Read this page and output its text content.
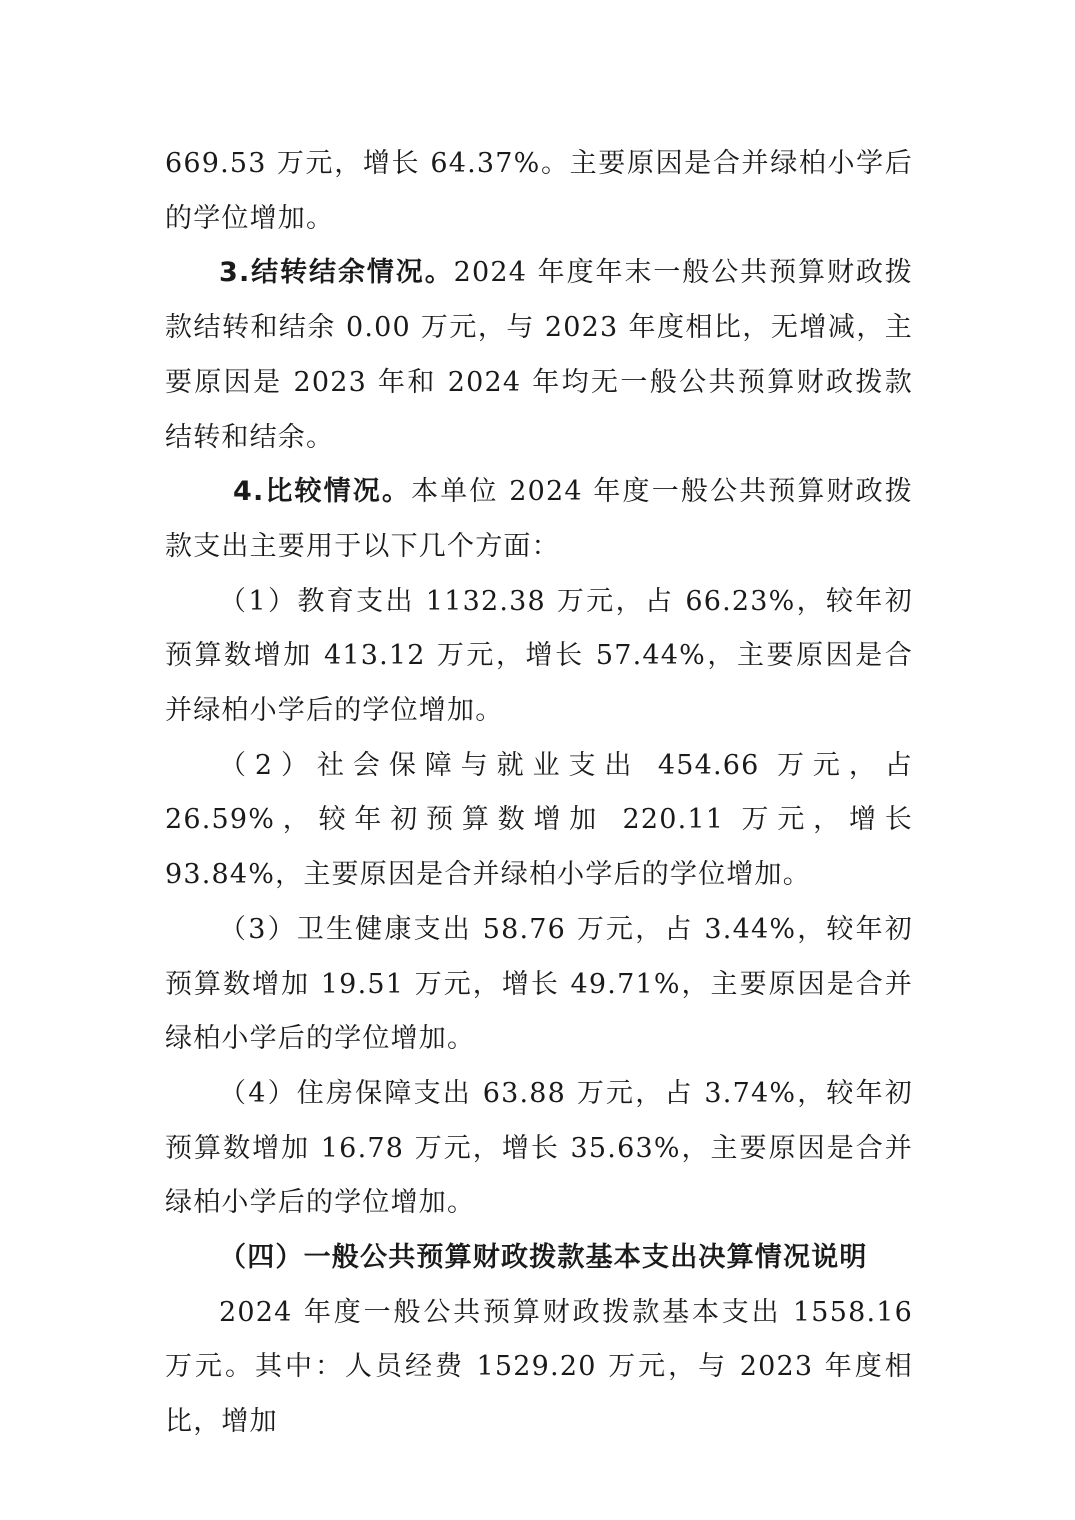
669.53 万元，增长 64.37%。主要原因是合并绿柏小学后的学位增加。

3.结转结余情况。2024 年度年末一般公共预算财政拨款结转和结余 0.00 万元，与 2023 年度相比，无增减，主要原因是 2023 年和 2024 年均无一般公共预算财政拨款结转和结余。

4.比较情况。本单位 2024 年度一般公共预算财政拨款支出主要用于以下几个方面：

（1）教育支出 1132.38 万元，占 66.23%，较年初预算数增加 413.12 万元，增长 57.44%，主要原因是合并绿柏小学后的学位增加。

（2）社会保障与就业支出 454.66 万元，占 26.59%，较年初预算数增加 220.11 万元，增长 93.84%，主要原因是合并绿柏小学后的学位增加。

（3）卫生健康支出 58.76 万元，占 3.44%，较年初预算数增加 19.51 万元，增长 49.71%，主要原因是合并绿柏小学后的学位增加。

（4）住房保障支出 63.88 万元，占 3.74%，较年初预算数增加 16.78 万元，增长 35.63%，主要原因是合并绿柏小学后的学位增加。

（四）一般公共预算财政拨款基本支出决算情况说明

2024 年度一般公共预算财政拨款基本支出 1558.16 万元。其中：人员经费 1529.20 万元，与 2023 年度相比，增加
